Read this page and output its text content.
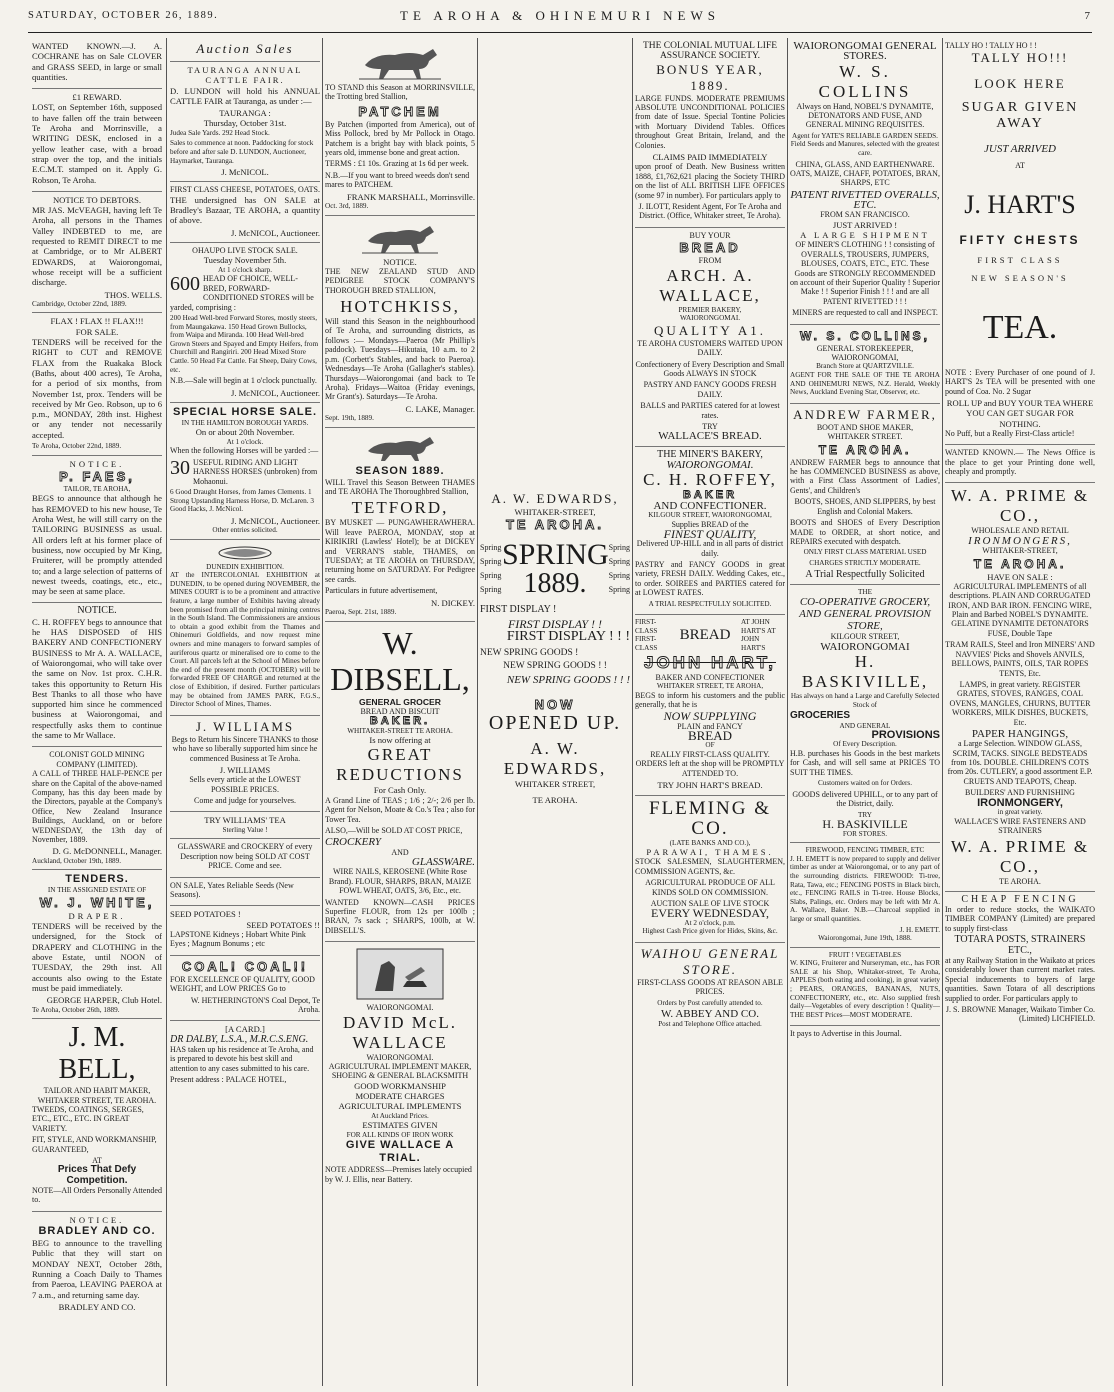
SATURDAY, OCTOBER 26, 1889.	TE AROHA & OHINEMURI NEWS	7

WANTED KNOWN.—J. A. COCHRANE has on Sale CLOVER and GRASS SEED, in large or small quantities.

£1 REWARD.

LOST, on September 16th, supposed to have fallen off the train between Te Aroha and Morrinsville, a WRITING DESK, enclosed in a yellow leather case, with a broad strap over the top, and the initials E.C.M.T. stamped on it. Apply G. Robson, Te Aroha.

NOTICE TO DEBTORS.

MR JAS. McVEAGH, having left Te Aroha, all persons in the Thames Valley INDEBTED to me, are requested to REMIT DIRECT to me at Cambridge, or to Mr ALBERT EDWARDS, at Waiorongomai, whose receipt will be a sufficient discharge.

THOS. WELLS.
Cambridge, October 22nd, 1889.
FLAX ! FLAX !! FLAX!!!
FOR SALE.

TENDERS will be received for the RIGHT to CUT and REMOVE FLAX from the Ruakaka Block (Baths, about 400 acres), Te Aroha, for a period of six months, from November 1st, prox. Tenders will be received by Mr Geo. Robson, up to 6 p.m., MONDAY, 28th inst. Highest or any tender not necessarily accepted.

Te Aroha, October 22nd, 1889.
NOTICE.
P. FAES,
TAILOR, TE AROHA,

BEGS to announce that although he has REMOVED to his new house, Te Aroha West, he will still carry on the TAILORING BUSINESS as usual. All orders left at his former place of business, now occupied by Mr King, Fruiterer, will be promptly attended to; and a large selection of patterns of newest tweeds, coatings, etc., etc., may be seen at same place.

NOTICE.

C. H. ROFFEY begs to announce that he HAS DISPOSED of HIS BAKERY AND CONFECTIONERY BUSINESS to Mr A. A. WALLACE, of Waiorongomai, who will take over the same on Nov. 1st prox. C.H.R. takes this opportunity to Return His Best Thanks to all those who have supported him since he commenced business at Waiorongomai, and respectfully asks them to continue the same to Mr Wallace.

COLONIST GOLD MINING COMPANY (LIMITED).

A CALL of THREE HALF-PENCE per share on the Capital of the above-named Company, has this day been made by the Directors, payable at the Company's Office, New Zealand Insurance Buildings, Auckland, on or before WEDNESDAY, the 13th day of November, 1889.

D. G. McDONNELL, Manager.
Auckland, October 19th, 1889.
TENDERS.
IN THE ASSIGNED ESTATE OF
W. J. WHITE,
DRAPER.

TENDERS will be received by the undersigned, for the Stock of DRAPERY and CLOTHING in the above Estate, until NOON of TUESDAY, the 29th inst. All accounts also owing to the Estate must be paid immediately.

GEORGE HARPER, Club Hotel.
Te Aroha, October 26th, 1889.
J. M. BELL,
TAILOR AND HABIT MAKER, WHITAKER STREET, TE AROHA.

TWEEDS, COATINGS, SERGES, ETC., ETC., ETC. IN GREAT VARIETY.

FIT, STYLE, AND WORKMANSHIP, GUARANTEED,

AT
Prices That Defy Competition.

NOTE—All Orders Personally Attended to.

NOTICE.
BRADLEY AND CO.

BEG to announce to the travelling Public that they will start on MONDAY NEXT, October 28th, Running a Coach Daily to Thames from Paeroa, LEAVING PAEROA at 7 a.m., and returning same day.

BRADLEY AND CO.
Auction Sales
TAURANGA ANNUAL CATTLE FAIR.

D. LUNDON will hold his ANNUAL CATTLE FAIR at Tauranga, as under :—

TAURANGA :
Thursday, October 31st.

Judea Sale Yards. 292 Head Stock.

Sales to commence at noon. Paddocking for stock before and after sale D. LUNDON, Auctioneer, Haymarket, Tauranga.

J. McNICOL.
FIRST CLASS CHEESE, POTATOES, OATS.

THE undersigned has ON SALE at Bradley's Bazaar, TE AROHA, a quantity of above.

J. McNICOL, Auctioneer.
OHAUPO LIVE STOCK SALE.
Tuesday November 5th.
At 1 o'clock sharp.

600 HEAD OF CHOICE, WELL-BRED, FORWARD-CONDITIONED STORES will be yarded, comprising :

200 Head Well-bred Forward Stores, mostly steers, from Maungakawa. 150 Head Grown Bullocks, from Waipa and Miranda. 100 Head Well-bred Grown Steers and Spayed and Empty Heifers, from Churchill and Rangiriri. 200 Head Mixed Store Cattle. 50 Head Fat Cattle. Fat Sheep, Dairy Cows, etc.

N.B.—Sale will begin at 1 o'clock punctually.

J. McNICOL, Auctioneer.
SPECIAL HORSE SALE.
IN THE HAMILTON BOROUGH YARDS.
On or about 20th November.
At 1 o'clock.

When the following Horses will be yarded :—

30 USEFUL RIDING AND LIGHT HARNESS HORSES (unbroken) from Mohaonui.

6 Good Draught Horses, from James Clements. 1 Strong Upstanding Harness Horse, D. McLaren. 3 Good Hacks, J. McNicol.

J. McNICOL, Auctioneer.
Other entries solicited.
DUNEDIN EXHIBITION.

AT the INTERCOLONIAL EXHIBITION at DUNEDIN, to be opened during NOVEMBER, the MINES COURT is to be a prominent and attractive feature, a large number of Exhibits having already been promised from all the principal mining centres in the South Island. The Commissioners are anxious to obtain a good exhibit from the Thames and Ohinemuri Goldfields, and now request mine owners and mine managers to forward samples of auriferous quartz or mineralised ore to come to the Court. All parcels left at the School of Mines before the end of the present month (OCTOBER) will be forwarded FREE OF CHARGE and returned at the close of Exhibition, if desired. Further particulars may be obtained from JAMES PARK, F.G.S., Director School of Mines, Thames.

J. WILLIAMS

Begs to Return his Sincere THANKS to those who have so liberally supported him since he commenced Business at Te Aroha.

J. WILLIAMS

Sells every article at the LOWEST POSSIBLE PRICES.

Come and judge for yourselves.

TRY WILLIAMS' TEA
Sterling Value !

GLASSWARE and CROCKERY of every Description now being SOLD AT COST PRICE. Come and see.

ON SALE, Yates Reliable Seeds (New Seasons).

SEED POTATOES !
SEED POTATOES !!

LAPSTONE Kidneys ; Hobart White Pink Eyes ; Magnum Bonums ; etc

COAL! COAL!!

FOR EXCELLENCE OF QUALITY, GOOD WEIGHT, and LOW PRICES Go to

W. HETHERINGTON'S Coal Depot, Te Aroha.

[A CARD.]
DR DALBY, L.S.A., M.R.C.S.ENG.

HAS taken up his residence at Te Aroha, and is prepared to devote his best skill and attention to any cases submitted to his care.

Present address : PALACE HOTEL,

TO STAND this Season at MORRINSVILLE, the Trotting bred Stallion,

PATCHEM

By Patchen (imported from America), out of Miss Pollock, bred by Mr Pollock in Otago. Patchem is a bright bay with black points, 5 years old, immense bone and great action.

TERMS : £1 10s. Grazing at 1s 6d per week.

N.B.—If you want to breed weeds don't send mares to PATCHEM.

FRANK MARSHALL, Morrinsville.
Oct. 3rd, 1889.
NOTICE.

THE NEW ZEALAND STUD AND PEDIGREE STOCK COMPANY'S THOROUGH BRED STALLION,

HOTCHKISS,

Will stand this Season in the neighbourhood of Te Aroha, and surrounding districts, as follows :— Mondays—Paeroa (Mr Phillip's paddock). Tuesdays—Hikutaia, 10 a.m. to 2 p.m. (Corbett's Stables, and back to Paeroa). Wednesdays—Te Aroha (Gallagher's stables). Thursdays—Waiorongomai (and back to Te Aroha). Fridays—Waitoa (Friday evenings, Mr Grant's). Saturdays—Te Aroha.

C. LAKE, Manager.
Sept. 19th, 1889.
SEASON 1889.

WILL Travel this Season Between THAMES and TE AROHA The Thoroughbred Stallion,

TETFORD,

BY MUSKET — PUNGAWHERAWHERA. Will leave PAEROA, MONDAY, stop at KIRIKIRI (Lawless' Hotel); be at DICKEY and VERRAN'S stable, THAMES, on TUESDAY; at TE AROHA on THURSDAY, returning home on SATURDAY. For Pedigree see cards.

Particulars in future advertisement,

N. DICKEY.
Paeroa, Sept. 21st, 1889.
W. DIBSELL,
GENERAL GROCER
BREAD AND BISCUIT
BAKER.
WHITAKER-STREET TE AROHA.
Is now offering at
GREAT REDUCTIONS
For Cash Only.

A Grand Line of TEAS ; 1/6 ; 2/-; 2/6 per lb. Agent for Nelson, Moate & Co.'s Tea ; also for Tower Tea.

ALSO,—Will be SOLD AT COST PRICE,

CROCKERY
AND
GLASSWARE.

WIRE NAILS, KEROSENE (White Rose Brand). FLOUR, SHARPS, BRAN, MAIZE FOWL WHEAT, OATS, 3/6, Etc., etc.

WANTED KNOWN—CASH PRICES Superfine FLOUR, from 12s per 100lb ; BRAN, 7s sack ; SHARPS, 100lb, at W. DIBSELL'S.

WAIORONGOMAI.
DAVID McL. WALLACE
WAIORONGOMAI.
AGRICULTURAL IMPLEMENT MAKER,
SHOEING & GENERAL BLACKSMITH
GOOD WORKMANSHIP
MODERATE CHARGES
AGRICULTURAL IMPLEMENTS
At Auckland Prices.
ESTIMATES GIVEN
FOR ALL KINDS OF IRON WORK
GIVE WALLACE A TRIAL.

NOTE ADDRESS—Premises lately occupied by W. J. Ellis, near Battery.

A. W. EDWARDS,
WHITAKER-STREET,
TE AROHA.
Spring
Spring
Spring
Spring
SPRING
1889.
Spring
Spring
Spring
Spring
FIRST DISPLAY !
FIRST DISPLAY ! !
FIRST DISPLAY ! ! !
NEW SPRING GOODS !
NEW SPRING GOODS ! !
NEW SPRING GOODS ! ! !
NOW
OPENED UP.
A. W. EDWARDS,
WHITAKER STREET,
TE AROHA.
THE COLONIAL MUTUAL LIFE ASSURANCE SOCIETY.
BONUS YEAR, 1889.

LARGE FUNDS. MODERATE PREMIUMS ABSOLUTE UNCONDITIONAL POLICIES from date of Issue. Special Tontine Policies with Mortuary Dividend Tables. Offices throughout Great Britain, Ireland, and the Colonies.

CLAIMS PAID IMMEDIATELY

upon proof of Death. New Business written 1888, £1,762,621 placing the Society THIRD on the list of ALL BRITISH LIFE OFFICES (some 97 in number). For particulars apply to

J. ILOTT, Resident Agent, For Te Aroha and District. (Office, Whitaker street, Te Aroha).

BUY YOUR
BREAD
FROM
ARCH. A. WALLACE,
PREMIER BAKERY,
WAIORONGOMAI.
QUALITY A1.

TE AROHA CUSTOMERS WAITED UPON DAILY.

Confectionery of Every Description and Small Goods ALWAYS IN STOCK

PASTRY AND FANCY GOODS FRESH DAILY.

BALLS and PARTIES catered for at lowest rates.

TRY
WALLACE'S BREAD.
THE MINER'S BAKERY,
WAIORONGOMAI.
C. H. ROFFEY,
BAKER
AND CONFECTIONER.
KILGOUR STREET, WAIORONGOMAI,
Supplies BREAD of the
FINEST QUALITY,

Delivered UP-HILL and in all parts of district daily.

PASTRY and FANCY GOODS in great variety, FRESH DAILY. Wedding Cakes, etc., to order. SOIREES and PARTIES catered for at LOWEST RATES.

A TRIAL RESPECTFULLY SOLICITED.

FIRST-CLASS FIRST-CLASS
BREAD
AT JOHN HART'S AT JOHN HART'S
JOHN HART,
BAKER AND CONFECTIONER
WHITAKER STREET, TE AROHA,

BEGS to inform his customers and the public generally, that he is

NOW SUPPLYING
PLAIN and FANCY
BREAD
OF
REALLY FIRST-CLASS QUALITY.

ORDERS left at the shop will be PROMPTLY ATTENDED TO.

TRY JOHN HART'S BREAD.
FLEMING & CO.
(LATE BANKS AND CO.),
PARAWAI, THAMES.

STOCK SALESMEN, SLAUGHTERMEN, COMMISSION AGENTS, &c.

AGRICULTURAL PRODUCE OF ALL KINDS SOLD ON COMMISSION.

AUCTION SALE OF LIVE STOCK
EVERY WEDNESDAY,
At 2 o'clock, p.m.

Highest Cash Price given for Hides, Skins, &c.

WAIHOU GENERAL STORE.

FIRST-CLASS GOODS AT REASON ABLE PRICES.

Orders by Post carefully attended to.

W. ABBEY AND CO.

Post and Telephone Office attached.

WAIORONGOMAI GENERAL STORES.
W. S. COLLINS

Always on Hand, NOBEL'S DYNAMITE, DETONATORS AND FUSE, AND GENERAL MINING REQUISITES.

Agent for YATE'S RELIABLE GARDEN SEEDS. Field Seeds and Manures, selected with the greatest care.

CHINA, GLASS, AND EARTHENWARE. OATS, MAIZE, CHAFF, POTATOES, BRAN, SHARPS, ETC

PATENT RIVETTED OVERALLS, ETC.
FROM SAN FRANCISCO.
JUST ARRIVED !
A LARGE SHIPMENT

OF MINER'S CLOTHING ! ! consisting of OVERALLS, TROUSERS, JUMPERS, BLOUSES, COATS, ETC., ETC. These Goods are STRONGLY RECOMMENDED on account of their Superior Quality ! Superior Make ! ! Superior Finish ! ! ! and are all PATENT RIVETTED ! ! !

MINERS are requested to call and INSPECT.

W. S. COLLINS,
GENERAL STOREKEEPER,
WAIORONGOMAI,
Branch Store at QUARTZVILLE.

AGENT FOR THE SALE OF THE TE AROHA AND OHINEMURI NEWS, N.Z. Herald, Weekly News, Auckland Evening Star, Observer, etc.

ANDREW FARMER,
BOOT AND SHOE MAKER,
WHITAKER STREET.
TE AROHA.

ANDREW FARMER begs to announce that he has COMMENCED BUSINESS as above, with a First Class Assortment of Ladies', Gents', and Children's

BOOTS, SHOES, AND SLIPPERS, by best English and Colonial Makers.

BOOTS and SHOES of Every Description MADE to ORDER, at short notice, and REPAIRS executed with despatch.

ONLY FIRST CLASS MATERIAL USED

CHARGES STRICTLY MODERATE.

A Trial Respectfully Solicited
THE
CO-OPERATIVE GROCERY, AND GENERAL PROVISION STORE,
KILGOUR STREET,
WAIORONGOMAI
H. BASKIVILLE,

Has always on hand a Large and Carefully Selected Stock of

GROCERIES
AND GENERAL
PROVISIONS
Of Every Description.

H.B. purchases his Goods in the best markets for Cash, and will sell same at PRICES TO SUIT THE TIMES.

Customers waited on for Orders.

GOODS delivered UPHILL, or to any part of the District, daily.

TRY
H. BASKIVILLE
FOR STORES.
FIREWOOD, FENCING TIMBER, ETC

J. H. EMETT is now prepared to supply and deliver timber as under at Waiorongomai, or to any part of the surrounding districts. FIREWOOD: Ti-tree, Rata, Tawa, etc.; FENCING POSTS in Black birch, etc., FENCING RAILS in Ti-tree. House Blocks, Slabs, Palings, etc. Orders may be left with Mr A. A. Wallace, Baker. N.B.—Charcoal supplied in large or small quantities.

J. H. EMETT.
Waiorongomai, June 19th, 1888.
FRUIT ! VEGETABLES

W. KING, Fruiterer and Nurseryman, etc., has FOR SALE at his Shop, Whitaker-street, Te Aroha, APPLES (both eating and cooking), in great variety ; PEARS, ORANGES, BANANAS, NUTS, CONFECTIONERY, etc., etc. Also supplied fresh daily—Vegetables of every description ! Quality—THE BEST Prices—MOST MODERATE.

It pays to Advertise in this Journal.

TALLY HO ! TALLY HO ! !
TALLY HO!!!
LOOK HERE
SUGAR GIVEN AWAY
JUST ARRIVED
AT
J. HART'S
FIFTY CHESTS
FIRST CLASS
NEW SEASON'S
TEA.

NOTE : Every Purchaser of one pound of J. HART'S 2s TEA will be presented with one pound of Coa. No. 2 Sugar

ROLL UP and BUY YOUR TEA WHERE YOU CAN GET SUGAR FOR NOTHING.

No Puff, but a Really First-Class article!

WANTED KNOWN.— The News Office is the place to get your Printing done well, cheaply and promptly.

W. A. PRIME & CO.,
WHOLESALE AND RETAIL
IRONMONGERS,
WHITAKER-STREET,
TE AROHA.
HAVE ON SALE :

AGRICULTURAL IMPLEMENTS of all descriptions. PLAIN AND CORRUGATED IRON, AND BAR IRON. FENCING WIRE, Plain and Barbed NOBEL'S DYNAMITE. GELATINE DYNAMITE DETONATORS FUSE, Double Tape

TRAM RAILS, Steel and Iron MINERS' AND NAVVIES' Picks and Shovels ANVILS, BELLOWS, PAINTS, OILS, TAR ROPES TENTS, Etc.

LAMPS, in great variety. REGISTER GRATES, STOVES, RANGES, COAL OVENS, MANGLES, CHURNS, BUTTER WORKERS, MILK DISHES, BUCKETS, Etc.

PAPER HANGINGS,

a Large Selection. WINDOW GLASS, SCRIM, TACKS. SINGLE BEDSTEADS from 10s. DOUBLE. CHILDREN'S COTS from 20s. CUTLERY, a good assortment E.P. CRUETS AND TEAPOTS, Cheap.

BUILDERS' AND FURNISHING
IRONMONGERY,
in great variety.

WALLACE'S WIRE FASTENERS AND STRAINERS

W. A. PRIME & CO.,
TE AROHA.
CHEAP FENCING

In order to reduce stocks, the WAIKATO TIMBER COMPANY (Limited) are prepared to supply first-class

TOTARA POSTS, STRAINERS ETC.,

at any Railway Station in the Waikato at prices considerably lower than current market rates. Special inducements to buyers of large quantities. Sawn Totara of all descriptions supplied to order. For particulars apply to

J. S. BROWNE Manager, Waikato Timber Co. (Limited) LICHFIELD.
